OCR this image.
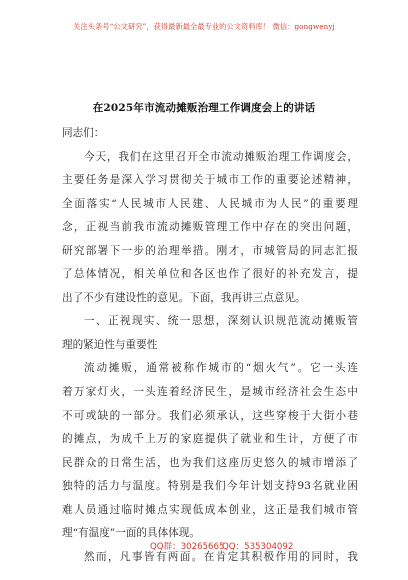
关注头条号“公文研究”，获得最新最全最专业的公文资料库！ 微信：gongwenyj
在2025年市流动摊贩治理工作调度会上的讲话
同志们：
今天，我们在这里召开全市流动摊贩治理工作调度会，
主要任务是深入学习贯彻关于城市工作的重要论述精神，
全面落实“人民城市人民建、人民城市为人民”的重要理
念，正视当前我市流动摊贩管理工作中存在的突出问题，
研究部署下一步的治理举措。刚才，市城管局的同志汇报
了总体情况，相关单位和各区也作了很好的补充发言，提
出了不少有建设性的意见。下面，我再讲三点意见。
一、正视现实、统一思想，深刻认识规范流动摊贩管
理的紧迫性与重要性
流动摊贩，通常被称作城市的“烟火气”。它一头连
着万家灯火，一头连着经济民生，是城市经济社会生态中
不可或缺的一部分。我们必须承认，这些穿梭于大街小巷
的摊点，为成千上万的家庭提供了就业和生计，方便了市
民群众的日常生活，也为我们这座历史悠久的城市增添了
独特的活力与温度。特别是我们今年计划支持93名就业困
难人员通过临时摊点实现低成本创业，这正是我们城市管
理“有温度”一面的具体体现。
然而，凡事皆有两面。在肯定其积极作用的同时，我
QQ群：30265665
QQ：535304092
